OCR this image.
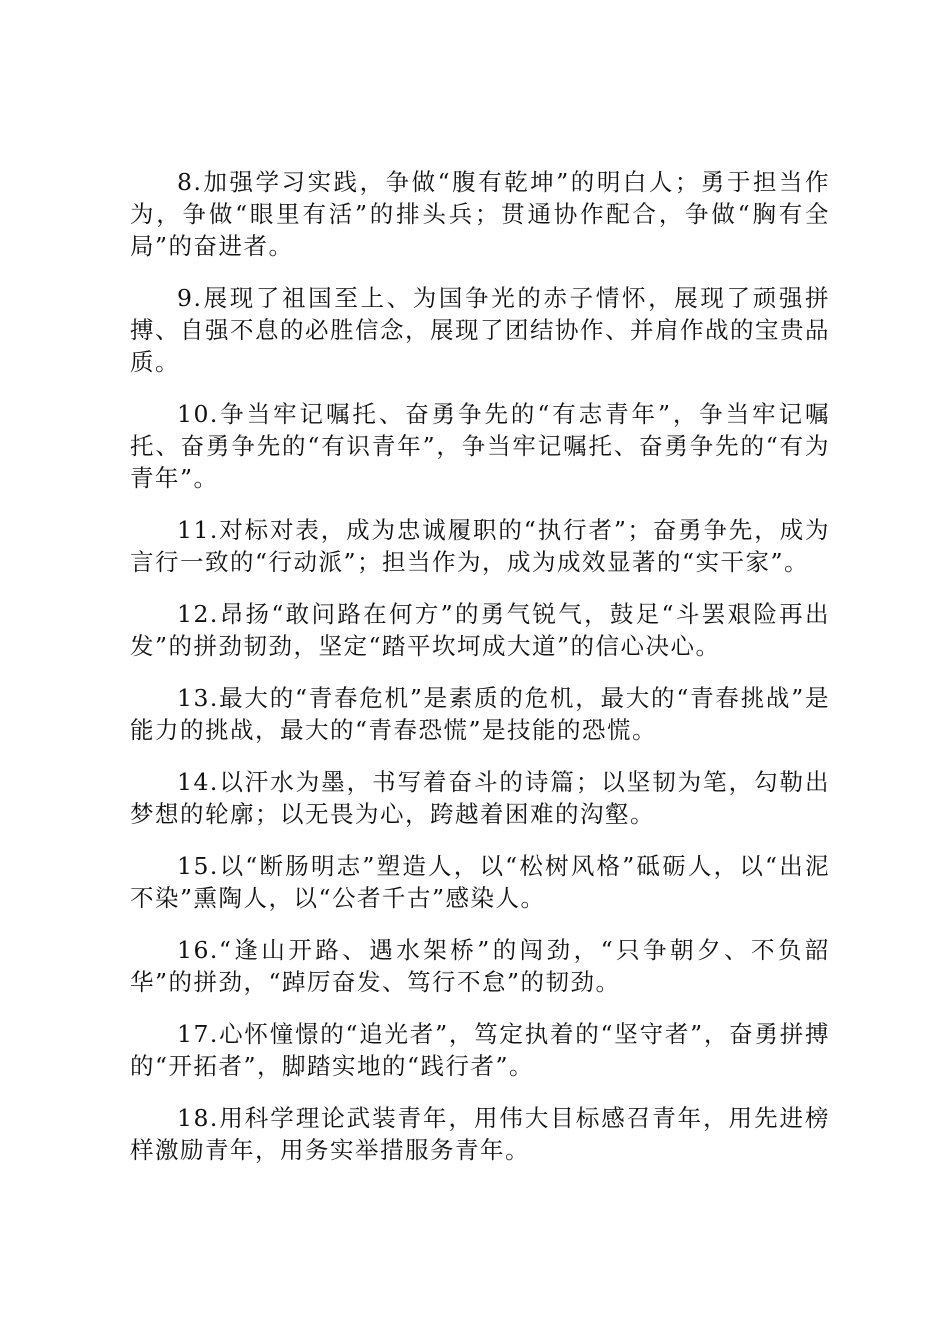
8.加强学习实践，争做“腹有乾坤”的明白人；勇于担当作为，争做“眼里有活”的排头兵；贯通协作配合，争做“胸有全局”的奋进者。

9.展现了祖国至上、为国争光的赤子情怀，展现了顽强拼搏、自强不息的必胜信念，展现了团结协作、并肩作战的宝贵品质。

10.争当牢记嘱托、奋勇争先的“有志青年”，争当牢记嘱托、奋勇争先的“有识青年”，争当牢记嘱托、奋勇争先的“有为青年”。

11.对标对表，成为忠诚履职的“执行者”；奋勇争先，成为言行一致的“行动派”；担当作为，成为成效显著的“实干家”。

12.昂扬“敢问路在何方”的勇气锐气，鼓足“斗罢艰险再出发”的拼劲韧劲，坚定“踏平坎坷成大道”的信心决心。

13.最大的“青春危机”是素质的危机，最大的“青春挑战”是能力的挑战，最大的“青春恐慌”是技能的恐慌。

14.以汗水为墨，书写着奋斗的诗篇；以坚韧为笔，勾勒出梦想的轮廓；以无畏为心，跨越着困难的沟壑。

15.以“断肠明志”塑造人，以“松树风格”砥砺人，以“出泥不染”熏陶人，以“公者千古”感染人。

16.“逢山开路、遇水架桥”的闯劲，“只争朝夕、不负韶华”的拼劲，“踔厉奋发、笃行不怠”的韧劲。

17.心怀憧憬的“追光者”，笃定执着的“坚守者”，奋勇拼搏的“开拓者”，脚踏实地的“践行者”。

18.用科学理论武装青年，用伟大目标感召青年，用先进榜样激励青年，用务实举措服务青年。
